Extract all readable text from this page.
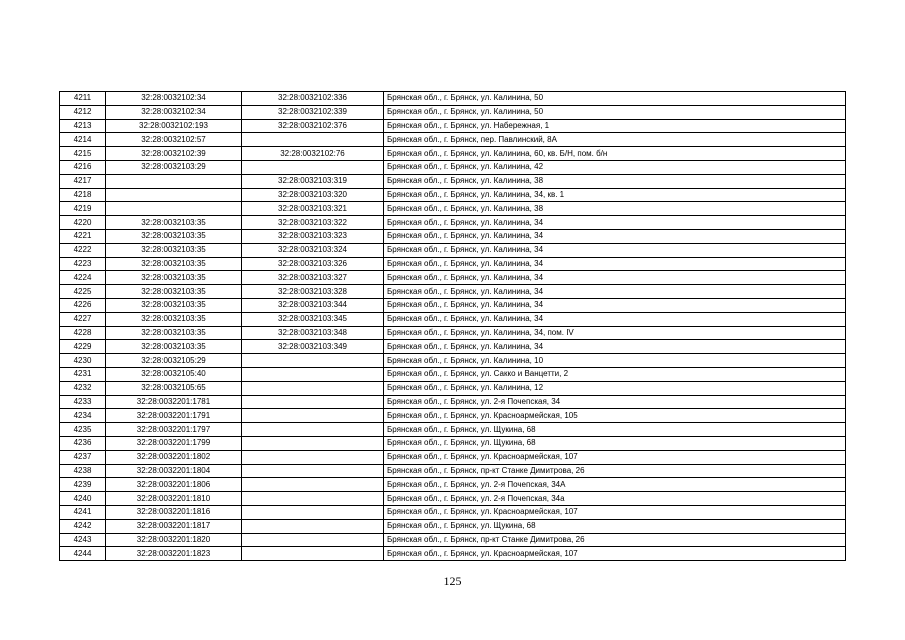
4211	32:28:0032102:34	32:28:0032102:336	Брянская обл., г. Брянск, ул. Калинина, 50
4212	32:28:0032102:34	32:28:0032102:339	Брянская обл., г. Брянск, ул. Калинина, 50
4213	32:28:0032102:193	32:28:0032102:376	Брянская обл., г. Брянск, ул. Набережная, 1
4214	32:28:0032102:57		Брянская обл., г. Брянск, пер. Павлинский, 8А
4215	32:28:0032102:39	32:28:0032102:76	Брянская обл., г. Брянск, ул. Калинина, 60, кв. Б/Н, пом. б/н
4216	32:28:0032103:29		Брянская обл., г. Брянск, ул. Калинина, 42
4217		32:28:0032103:319	Брянская обл., г. Брянск, ул. Калинина, 38
4218		32:28:0032103:320	Брянская обл., г. Брянск, ул. Калинина, 34, кв. 1
4219		32:28:0032103:321	Брянская обл., г. Брянск, ул. Калинина, 38
4220	32:28:0032103:35	32:28:0032103:322	Брянская обл., г. Брянск, ул. Калинина, 34
4221	32:28:0032103:35	32:28:0032103:323	Брянская обл., г. Брянск, ул. Калинина, 34
4222	32:28:0032103:35	32:28:0032103:324	Брянская обл., г. Брянск, ул. Калинина, 34
4223	32:28:0032103:35	32:28:0032103:326	Брянская обл., г. Брянск, ул. Калинина, 34
4224	32:28:0032103:35	32:28:0032103:327	Брянская обл., г. Брянск, ул. Калинина, 34
4225	32:28:0032103:35	32:28:0032103:328	Брянская обл., г. Брянск, ул. Калинина, 34
4226	32:28:0032103:35	32:28:0032103:344	Брянская обл., г. Брянск, ул. Калинина, 34
4227	32:28:0032103:35	32:28:0032103:345	Брянская обл., г. Брянск, ул. Калинина, 34
4228	32:28:0032103:35	32:28:0032103:348	Брянская обл., г. Брянск, ул. Калинина, 34, пом. IV
4229	32:28:0032103:35	32:28:0032103:349	Брянская обл., г. Брянск, ул. Калинина, 34
4230	32:28:0032105:29		Брянская обл., г. Брянск, ул. Калинина, 10
4231	32:28:0032105:40		Брянская обл., г. Брянск, ул. Сакко и Ванцетти, 2
4232	32:28:0032105:65		Брянская обл., г. Брянск, ул. Калинина, 12
4233	32:28:0032201:1781		Брянская обл., г. Брянск, ул. 2-я Почепская, 34
4234	32:28:0032201:1791		Брянская обл., г. Брянск, ул. Красноармейская, 105
4235	32:28:0032201:1797		Брянская обл., г. Брянск, ул. Щукина, 68
4236	32:28:0032201:1799		Брянская обл., г. Брянск, ул. Щукина, 68
4237	32:28:0032201:1802		Брянская обл., г. Брянск, ул. Красноармейская, 107
4238	32:28:0032201:1804		Брянская обл., г. Брянск, пр-кт Станке Димитрова, 26
4239	32:28:0032201:1806		Брянская обл., г. Брянск, ул. 2-я Почепская, 34А
4240	32:28:0032201:1810		Брянская обл., г. Брянск, ул. 2-я Почепская, 34а
4241	32:28:0032201:1816		Брянская обл., г. Брянск, ул. Красноармейская, 107
4242	32:28:0032201:1817		Брянская обл., г. Брянск, ул. Щукина, 68
4243	32:28:0032201:1820		Брянская обл., г. Брянск, пр-кт Станке Димитрова, 26
4244	32:28:0032201:1823		Брянская обл., г. Брянск, ул. Красноармейская, 107
125
